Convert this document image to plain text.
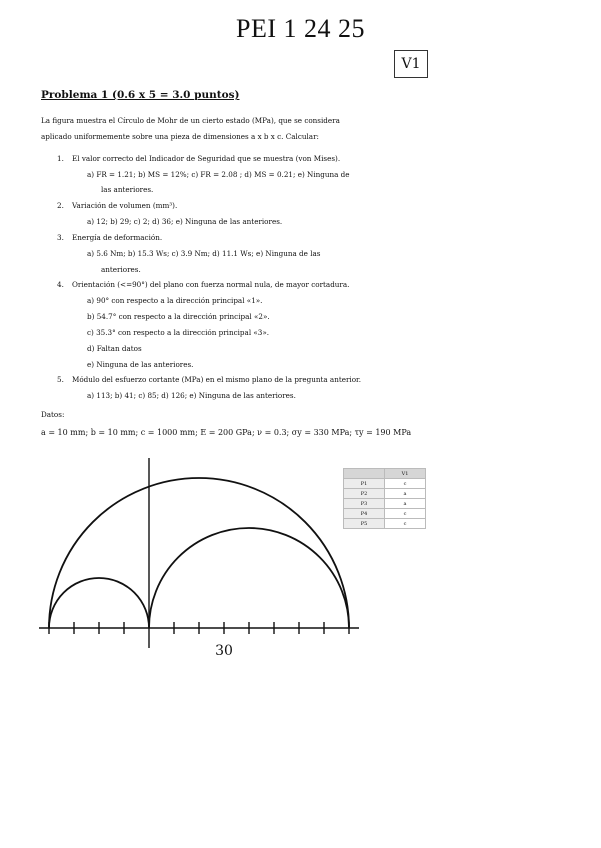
PEI 1 24 25
V1
Problema 1 (0.6 x 5 = 3.0 puntos)
La figura muestra el Círculo de Mohr de un cierto estado (MPa), que se considera
aplicado uniformemente sobre una pieza de dimensiones a x b x c. Calcular:
1. El valor correcto del Indicador de Seguridad que se muestra (von Mises).
a) FR = 1.21; b) MS = 12%; c) FR = 2.08 ; d) MS = 0.21; e) Ninguna de
las anteriores.
2. Variación de volumen (mm³).
a) 12; b) 29; c) 2; d) 36; e) Ninguna de las anteriores.
3. Energía de deformación.
a) 5.6 Nm; b) 15.3 Ws; c) 3.9 Nm; d) 11.1 Ws; e) Ninguna de las
anteriores.
4. Orientación (<=90°) del plano con fuerza normal nula, de mayor cortadura.
a) 90° con respecto a la dirección principal «1».
b) 54.7° con respecto a la dirección principal «2».
c) 35.3° con respecto a la dirección principal «3».
d) Faltan datos
e) Ninguna de las anteriores.
5. Módulo del esfuerzo cortante (MPa) en el mismo plano de la pregunta anterior.
a) 113; b) 41; c) 85; d) 126; e) Ninguna de las anteriores.
Datos:
a = 10 mm; b = 10 mm; c = 1000 mm; E = 200 GPa; ν = 0.3; σy = 330 MPa; τy = 190 MPa
	V1
P1	c
P2	a
P3	a
P4	c
P5	c
30
